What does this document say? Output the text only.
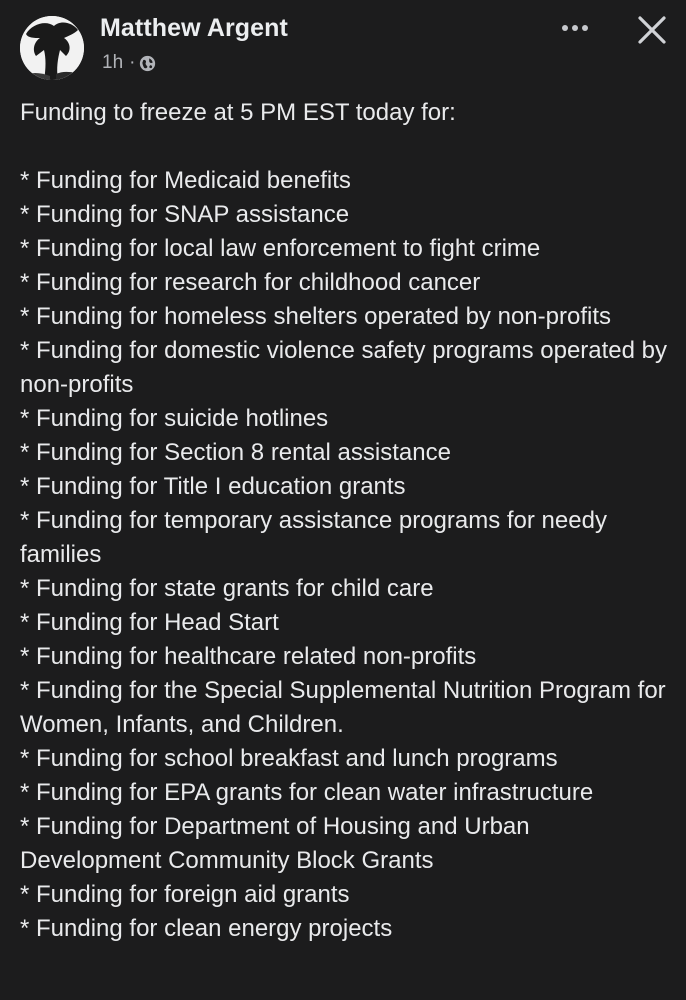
Matthew Argent
1h ·

Funding to freeze at 5 PM EST today for:

* Funding for Medicaid benefits
* Funding for SNAP assistance
* Funding for local law enforcement to fight crime
* Funding for research for childhood cancer
* Funding for homeless shelters operated by non-profits
* Funding for domestic violence safety programs operated by non-profits
* Funding for suicide hotlines
* Funding for Section 8 rental assistance
* Funding for Title I education grants
* Funding for temporary assistance programs for needy families
* Funding for state grants for child care
* Funding for Head Start
* Funding for healthcare related non-profits
* Funding for the Special Supplemental Nutrition Program for Women, Infants, and Children.
* Funding for school breakfast and lunch programs
* Funding for EPA grants for clean water infrastructure
* Funding for Department of Housing and Urban Development Community Block Grants
* Funding for foreign aid grants
* Funding for clean energy projects
